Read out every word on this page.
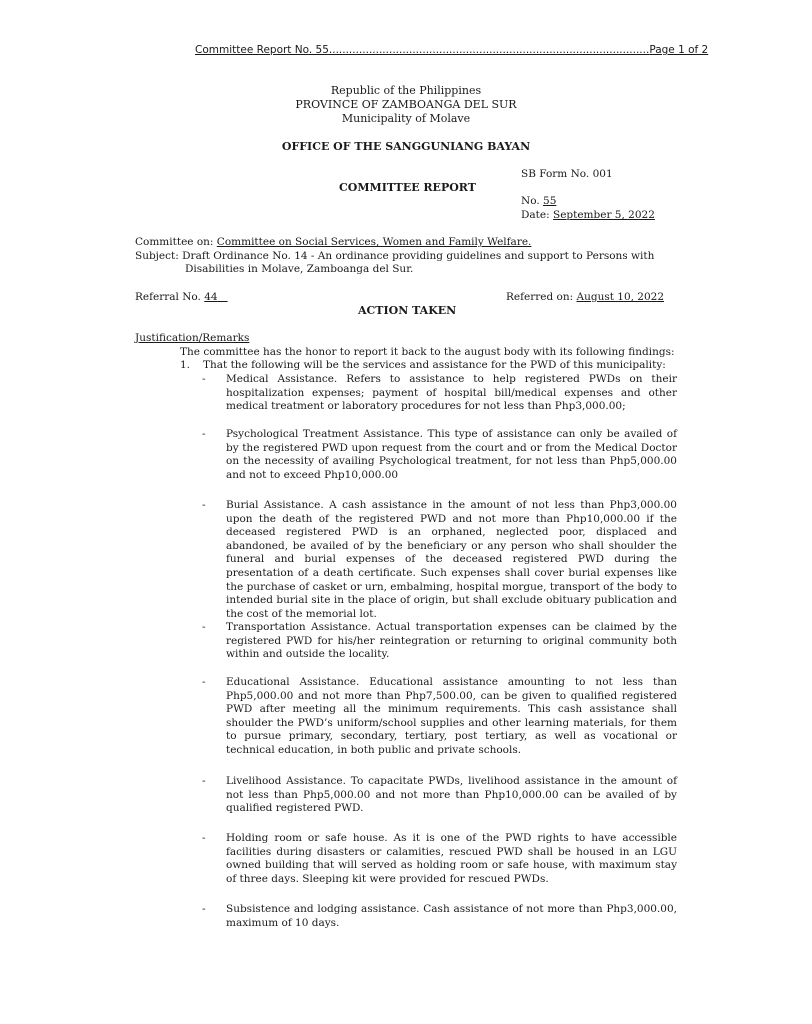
Committee Report No. 55................................................................................................Page 1 of 2
Republic of the Philippines
PROVINCE OF ZAMBOANGA DEL SUR
Municipality of Molave
OFFICE OF THE SANGGUNIANG BAYAN
SB Form No. 001
COMMITTEE REPORT
No. 55
Date: September 5, 2022
Committee on: Committee on Social Services, Women and Family Welfare.
Subject: Draft Ordinance No. 14 - An ordinance providing guidelines and support to Persons with
Disabilities in Molave, Zamboanga del Sur.
Referral No. 44	Referred on: August 10, 2022
ACTION TAKEN
Justification/Remarks
The committee has the honor to report it back to the august body with its following findings:
1. That the following will be the services and assistance for the PWD of this municipality:
- Medical Assistance. Refers to assistance to help registered PWDs on their hospitalization expenses; payment of hospital bill/medical expenses and other medical treatment or laboratory procedures for not less than Php3,000.00;
- Psychological Treatment Assistance. This type of assistance can only be availed of by the registered PWD upon request from the court and or from the Medical Doctor on the necessity of availing Psychological treatment, for not less than Php5,000.00 and not to exceed Php10,000.00
- Burial Assistance. A cash assistance in the amount of not less than Php3,000.00 upon the death of the registered PWD and not more than Php10,000.00 if the deceased registered PWD is an orphaned, neglected poor, displaced and abandoned, be availed of by the beneficiary or any person who shall shoulder the funeral and burial expenses of the deceased registered PWD during the presentation of a death certificate. Such expenses shall cover burial expenses like the purchase of casket or urn, embalming, hospital morgue, transport of the body to intended burial site in the place of origin, but shall exclude obituary publication and the cost of the memorial lot.
- Transportation Assistance. Actual transportation expenses can be claimed by the registered PWD for his/her reintegration or returning to original community both within and outside the locality.
- Educational Assistance. Educational assistance amounting to not less than Php5,000.00 and not more than Php7,500.00, can be given to qualified registered PWD after meeting all the minimum requirements. This cash assistance shall shoulder the PWD’s uniform/school supplies and other learning materials, for them to pursue primary, secondary, tertiary, post tertiary, as well as vocational or technical education, in both public and private schools.
- Livelihood Assistance. To capacitate PWDs, livelihood assistance in the amount of not less than Php5,000.00 and not more than Php10,000.00 can be availed of by qualified registered PWD.
- Holding room or safe house. As it is one of the PWD rights to have accessible facilities during disasters or calamities, rescued PWD shall be housed in an LGU owned building that will served as holding room or safe house, with maximum stay of three days. Sleeping kit were provided for rescued PWDs.
- Subsistence and lodging assistance. Cash assistance of not more than Php3,000.00, maximum of 10 days.
